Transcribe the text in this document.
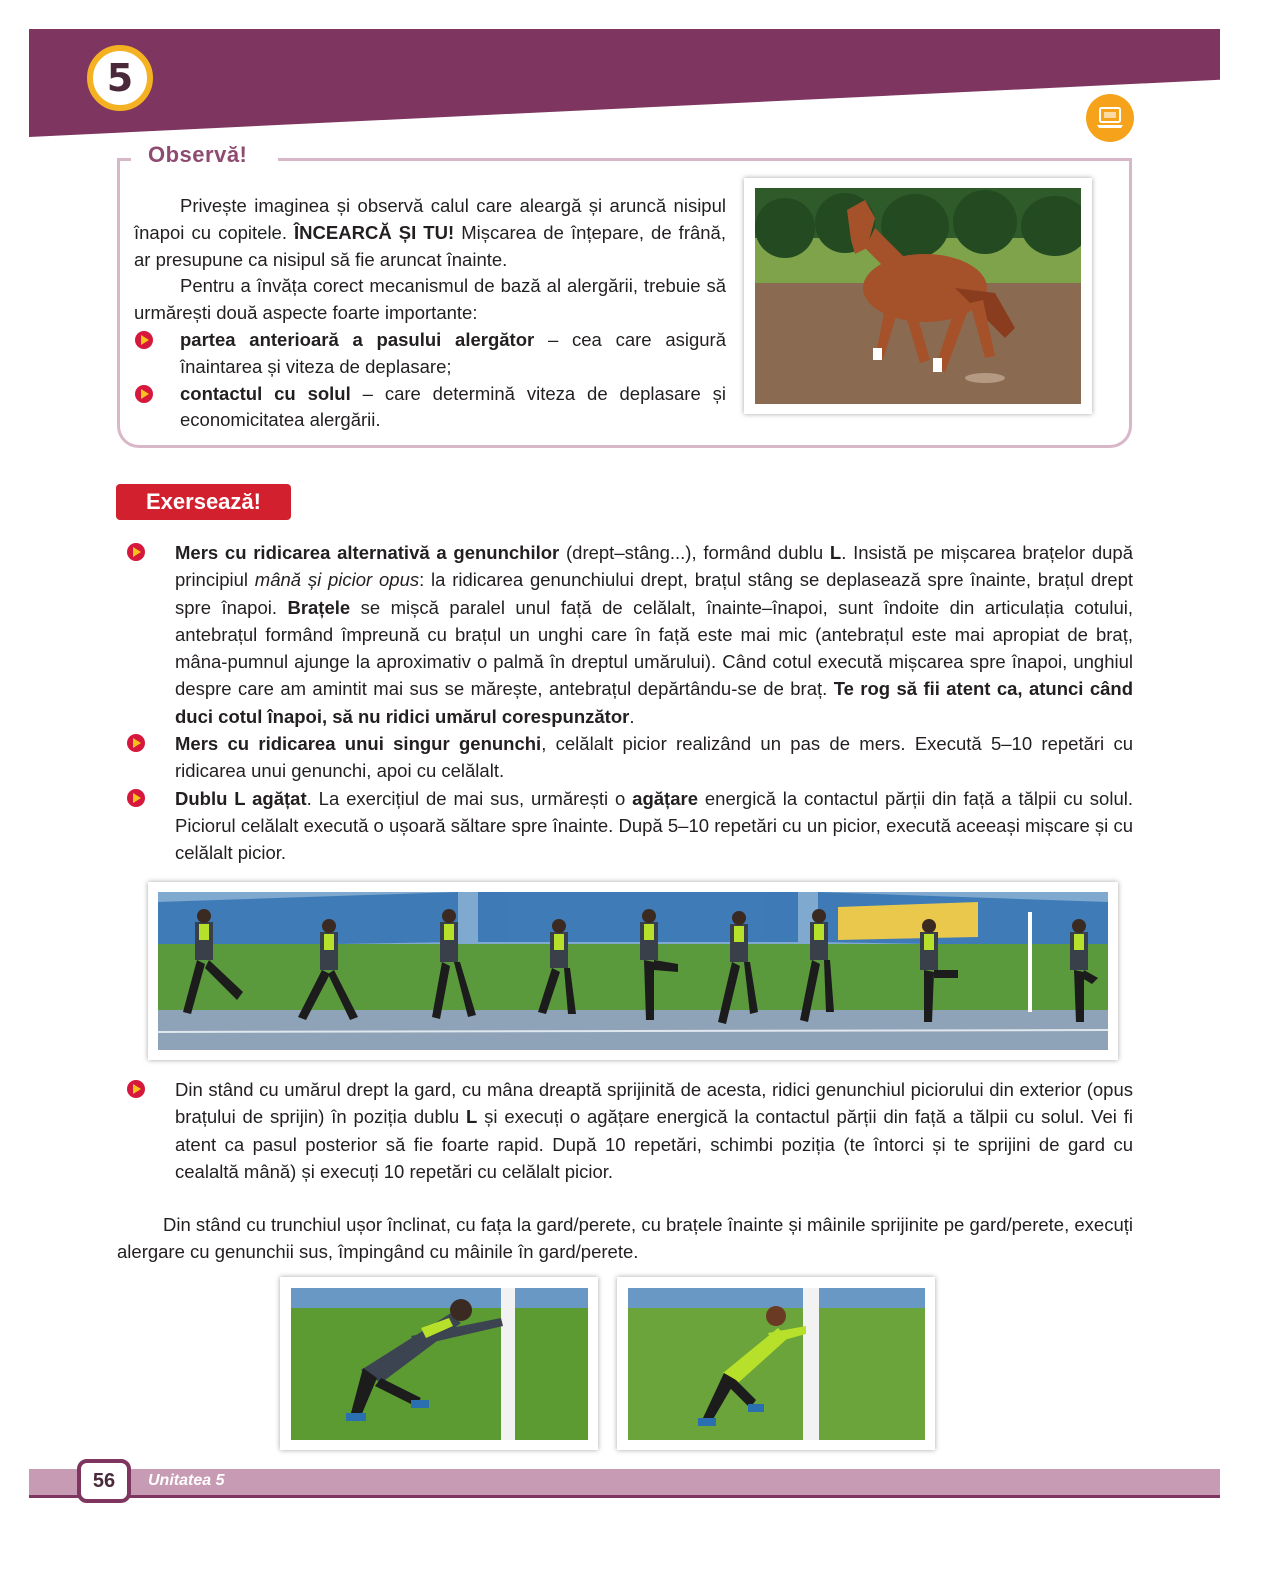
5
Observă!

Privește imaginea și observă calul care aleargă și aruncă nisipul înapoi cu copitele. ÎNCEARCĂ ȘI TU! Mișcarea de înțepare, de frână, ar presupune ca nisipul să fie aruncat înainte.

Pentru a învăța corect mecanismul de bază al alergării, trebuie să urmărești două aspecte foarte importante:

partea anterioară a pasului alergător – cea care asigură înaintarea și viteza de deplasare;
contactul cu solul – care determină viteza de deplasare și economicitatea alergării.
Exersează!
Mers cu ridicarea alternativă a genunchilor (drept–stâng...), formând dublu L. Insistă pe mișcarea brațelor după principiul mână și picior opus: la ridicarea genunchiului drept, brațul stâng se deplasează spre înainte, brațul drept spre înapoi. Brațele se mișcă paralel unul față de celălalt, înainte–înapoi, sunt îndoite din articulația cotului, antebrațul formând împreună cu brațul un unghi care în față este mai mic (antebrațul este mai apropiat de braț, mâna-pumnul ajunge la aproximativ o palmă în dreptul umărului). Când cotul execută mișcarea spre înapoi, unghiul despre care am amintit mai sus se mărește, antebrațul depărtându-se de braț. Te rog să fii atent ca, atunci când duci cotul înapoi, să nu ridici umărul corespunzător.
Mers cu ridicarea unui singur genunchi, celălalt picior realizând un pas de mers. Execută 5–10 repetări cu ridicarea unui genunchi, apoi cu celălalt.
Dublu L agățat. La exercițiul de mai sus, urmărești o agățare energică la contactul părții din față a tălpii cu solul. Piciorul celălalt execută o ușoară săltare spre înainte. După 5–10 repetări cu un picior, execută aceeași mișcare și cu celălalt picior.
Din stând cu umărul drept la gard, cu mâna dreaptă sprijinită de acesta, ridici genunchiul piciorului din exterior (opus brațului de sprijin) în poziția dublu L și execuți o agățare energică la contactul părții din față a tălpii cu solul. Vei fi atent ca pasul posterior să fie foarte rapid. După 10 repetări, schimbi poziția (te întorci și te sprijini de gard cu cealaltă mână) și execuți 10 repetări cu celălalt picior.

Din stând cu trunchiul ușor înclinat, cu fața la gard/perete, cu brațele înainte și mâinile sprijinite pe gard/perete, execuți alergare cu genunchii sus, împingând cu mâinile în gard/perete.

56	Unitatea 5
